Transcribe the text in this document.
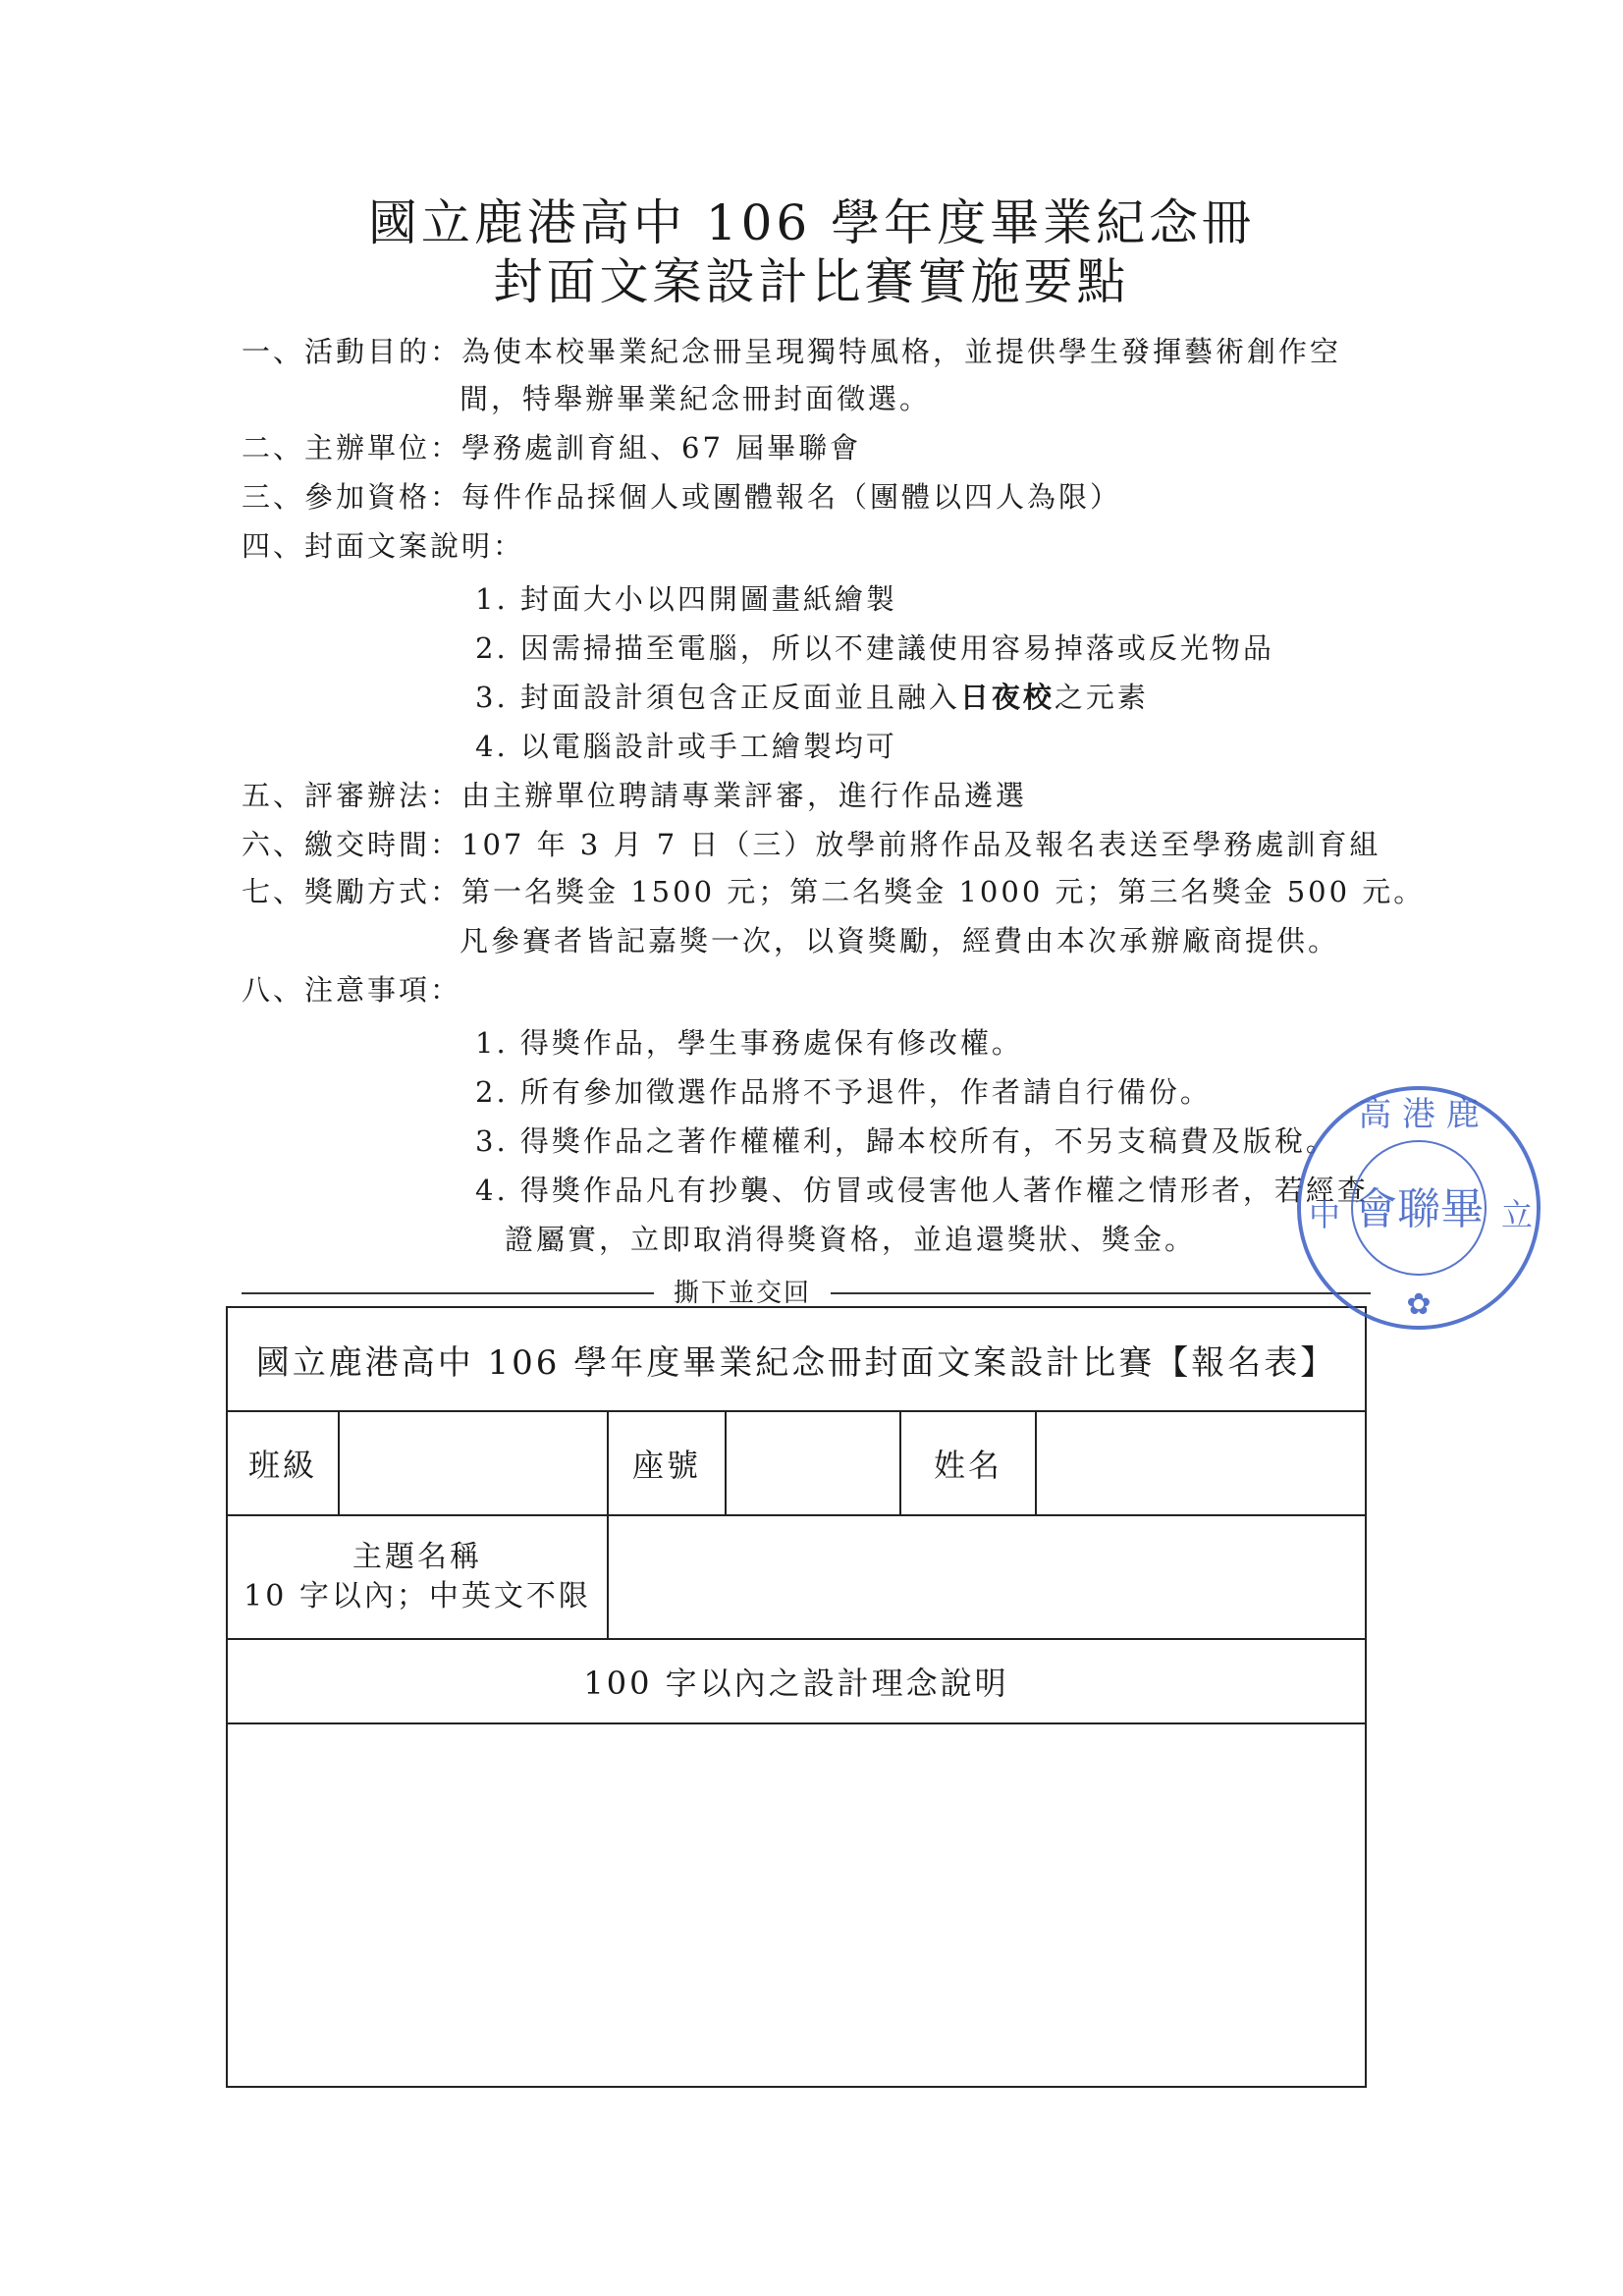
國立鹿港高中 106 學年度畢業紀念冊
封面文案設計比賽實施要點
一、活動目的：為使本校畢業紀念冊呈現獨特風格，並提供學生發揮藝術創作空
間，特舉辦畢業紀念冊封面徵選。
二、主辦單位：學務處訓育組、67 屆畢聯會
三、參加資格：每件作品採個人或團體報名（團體以四人為限）
四、封面文案說明：
1. 封面大小以四開圖畫紙繪製
2. 因需掃描至電腦，所以不建議使用容易掉落或反光物品
3. 封面設計須包含正反面並且融入日夜校之元素
4. 以電腦設計或手工繪製均可
五、評審辦法：由主辦單位聘請專業評審，進行作品遴選
六、繳交時間：107 年 3 月 7 日（三）放學前將作品及報名表送至學務處訓育組
七、獎勵方式：第一名獎金 1500 元；第二名獎金 1000 元；第三名獎金 500 元。
凡參賽者皆記嘉獎一次，以資獎勵，經費由本次承辦廠商提供。
八、注意事項：
1. 得獎作品，學生事務處保有修改權。
2. 所有參加徵選作品將不予退件，作者請自行備份。
3. 得獎作品之著作權權利，歸本校所有，不另支稿費及版稅。
4. 得獎作品凡有抄襲、仿冒或侵害他人著作權之情形者，若經查
證屬實，立即取消得獎資格，並追還獎狀、獎金。
撕下並交回
國立鹿港高中 106 學年度畢業紀念冊封面文案設計比賽【報名表】
班級	座號	姓名
主題名稱
10 字以內；中英文不限
100 字以內之設計理念說明
會聯畢
高 港 鹿
中	立
✿
